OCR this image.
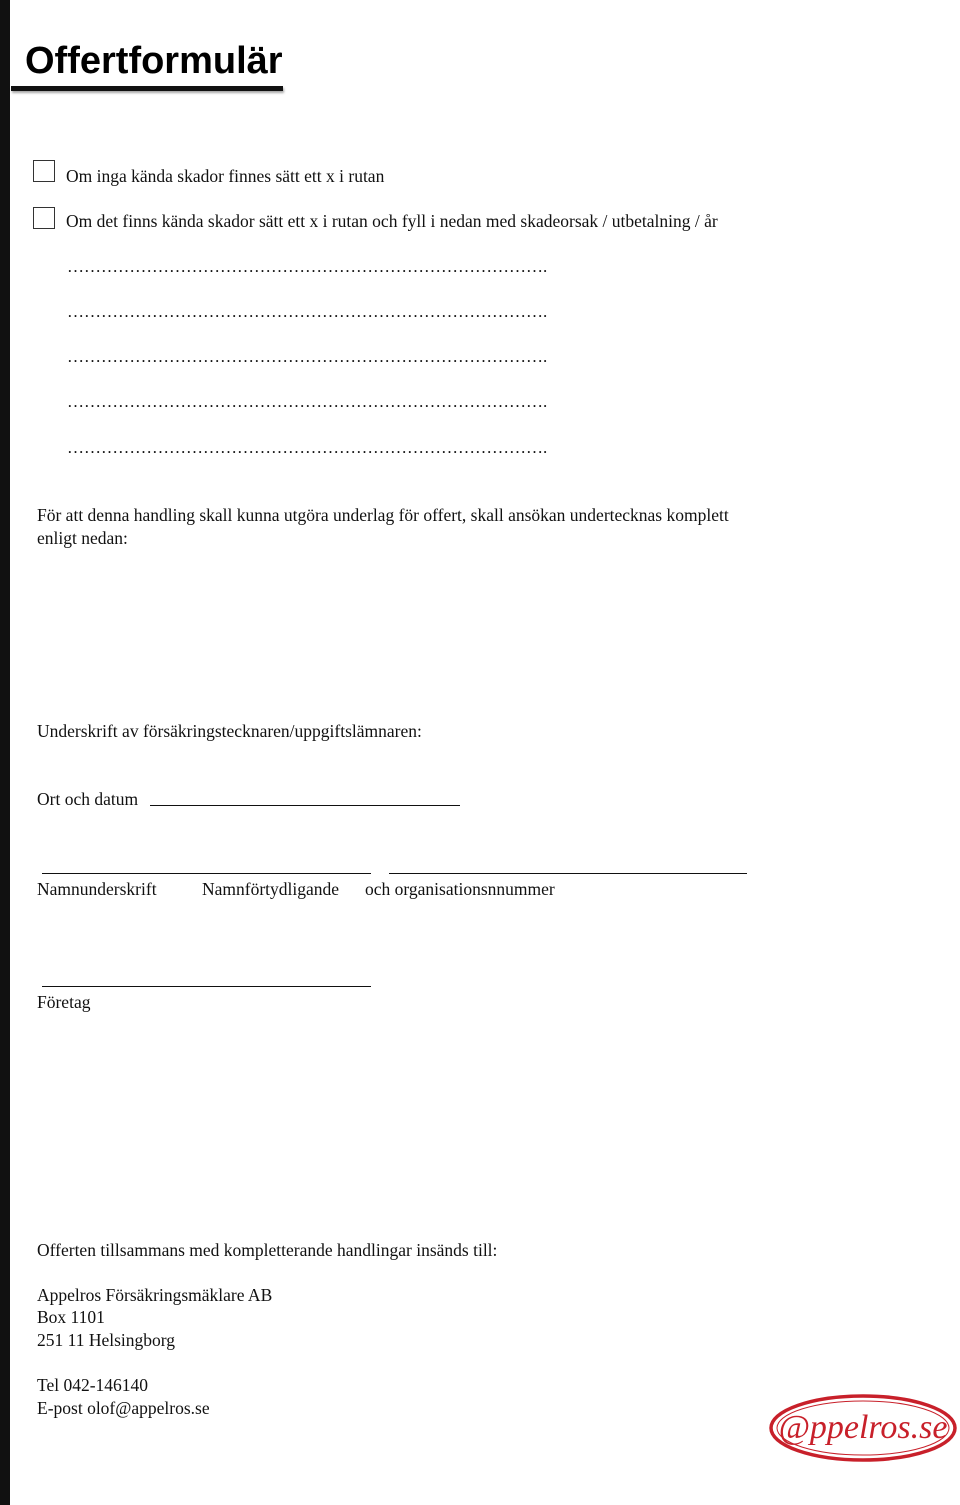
Offertformulär
Om inga kända skador finnes sätt ett x i rutan
Om det finns kända skador sätt ett x i rutan och fyll i nedan med skadeorsak / utbetalning / år
………………………………………………………………………….
………………………………………………………………………….
………………………………………………………………………….
………………………………………………………………………….
………………………………………………………………………….
För att denna handling skall kunna utgöra underlag för offert, skall ansökan undertecknas komplett
enligt nedan:
Underskrift av försäkringstecknaren/uppgiftslämnaren:
Ort och datum
Namnunderskrift	Namnförtydligande och organisationsnnummer
Företag
Offerten tillsammans med kompletterande handlingar insänds till:
Appelros Försäkringsmäklare AB
Box 1101
251 11 Helsingborg
Tel 042-146140
E-post olof@appelros.se
@ppelros.se
